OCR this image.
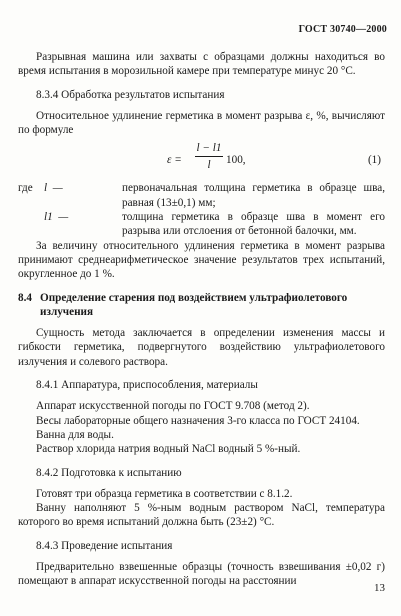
ГОСТ 30740—2000

Разрывная машина или захваты с образцами должны находиться во время испытания в морозильной камере при температуре минус 20 °С.

8.3.4 Обработка результатов испытания

Относительное удлинение герметика в момент разрыва ε, %, вычисляют по формуле

ε =
l − l1
l	100,	(1)
где l —	первоначальная толщина герметика в образце шва, равная (13±0,1) мм;
l1 —	толщина герметика в образце шва в момент его разрыва или отслоения от бетонной балочки, мм.

За величину относительного удлинения герметика в момент разрыва принимают среднеарифметическое значение результатов трех испытаний, округленное до 1 %.

8.4 Определение старения под воздействием ультрафиолетового
излучения

Сущность метода заключается в определении изменения массы и гибкости герметика, подвергнутого воздействию ультрафиолетового излучения и солевого раствора.

8.4.1 Аппаратура, приспособления, материалы

Аппарат искусственной погоды по ГОСТ 9.708 (метод 2).

Весы лабораторные общего назначения 3-го класса по ГОСТ 24104.

Ванна для воды.

Раствор хлорида натрия водный NaCl водный 5 %-ный.

8.4.2 Подготовка к испытанию

Готовят три образца герметика в соответствии с 8.1.2.

Ванну наполняют 5 %-ным водным раствором NaCl, температура которого во время испытаний должна быть (23±2) °С.

8.4.3 Проведение испытания

Предварительно взвешенные образцы (точность взвешивания ±0,02 г) помещают в аппарат искусственной погоды на расстоянии

13
